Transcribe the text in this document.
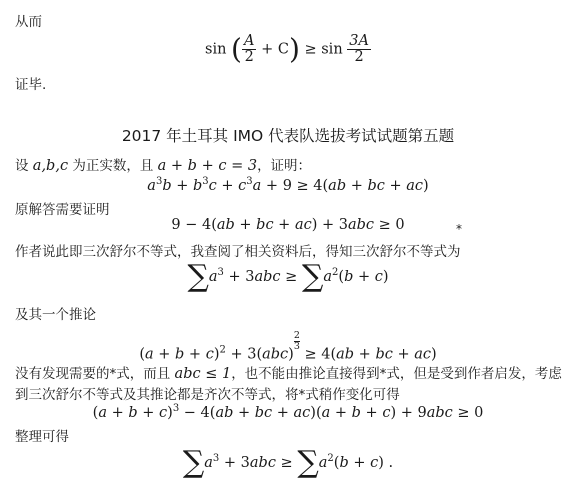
从而
sin ( $\frac{A}{2} + C) \ge \sin \frac{3A}{2}$
证毕.
2017 年土耳其 IMO 代表队选拔考试试题第五题
设 a,b,c 为正实数，且 a + b + c = 3，证明：
$a^3b + b^3c + c^3a + 9 \ge 4(ab$ + bc + ac)
原解答需要证明
9 − 4(ab + bc + ac) + 3abc ≥ 0	*
作者说此即三次舒尔不等式，我查阅了相关资料后，得知三次舒尔不等式为
$\sum a^3 + 3abc \ge \sum a^2(b + c)$
及其一个推论
$(a + b + c)^2 + 3(abc)$
$\frac{2}{3}$
≥ 4(ab + bc + ac)
没有发现需要的*式，而且 abc ≤ 1，也不能由推论直接得到*式，但是受到作者启发，考虑
到三次舒尔不等式及其推论都是齐次不等式，将*式稍作变化可得
$(a + b + c)^3 - 4(ab$ + bc + ac)(a + b + c) + 9abc ≥ 0
整理可得
$\sum a^3 + 3abc \ge \sum a^2(b + c)$ .
